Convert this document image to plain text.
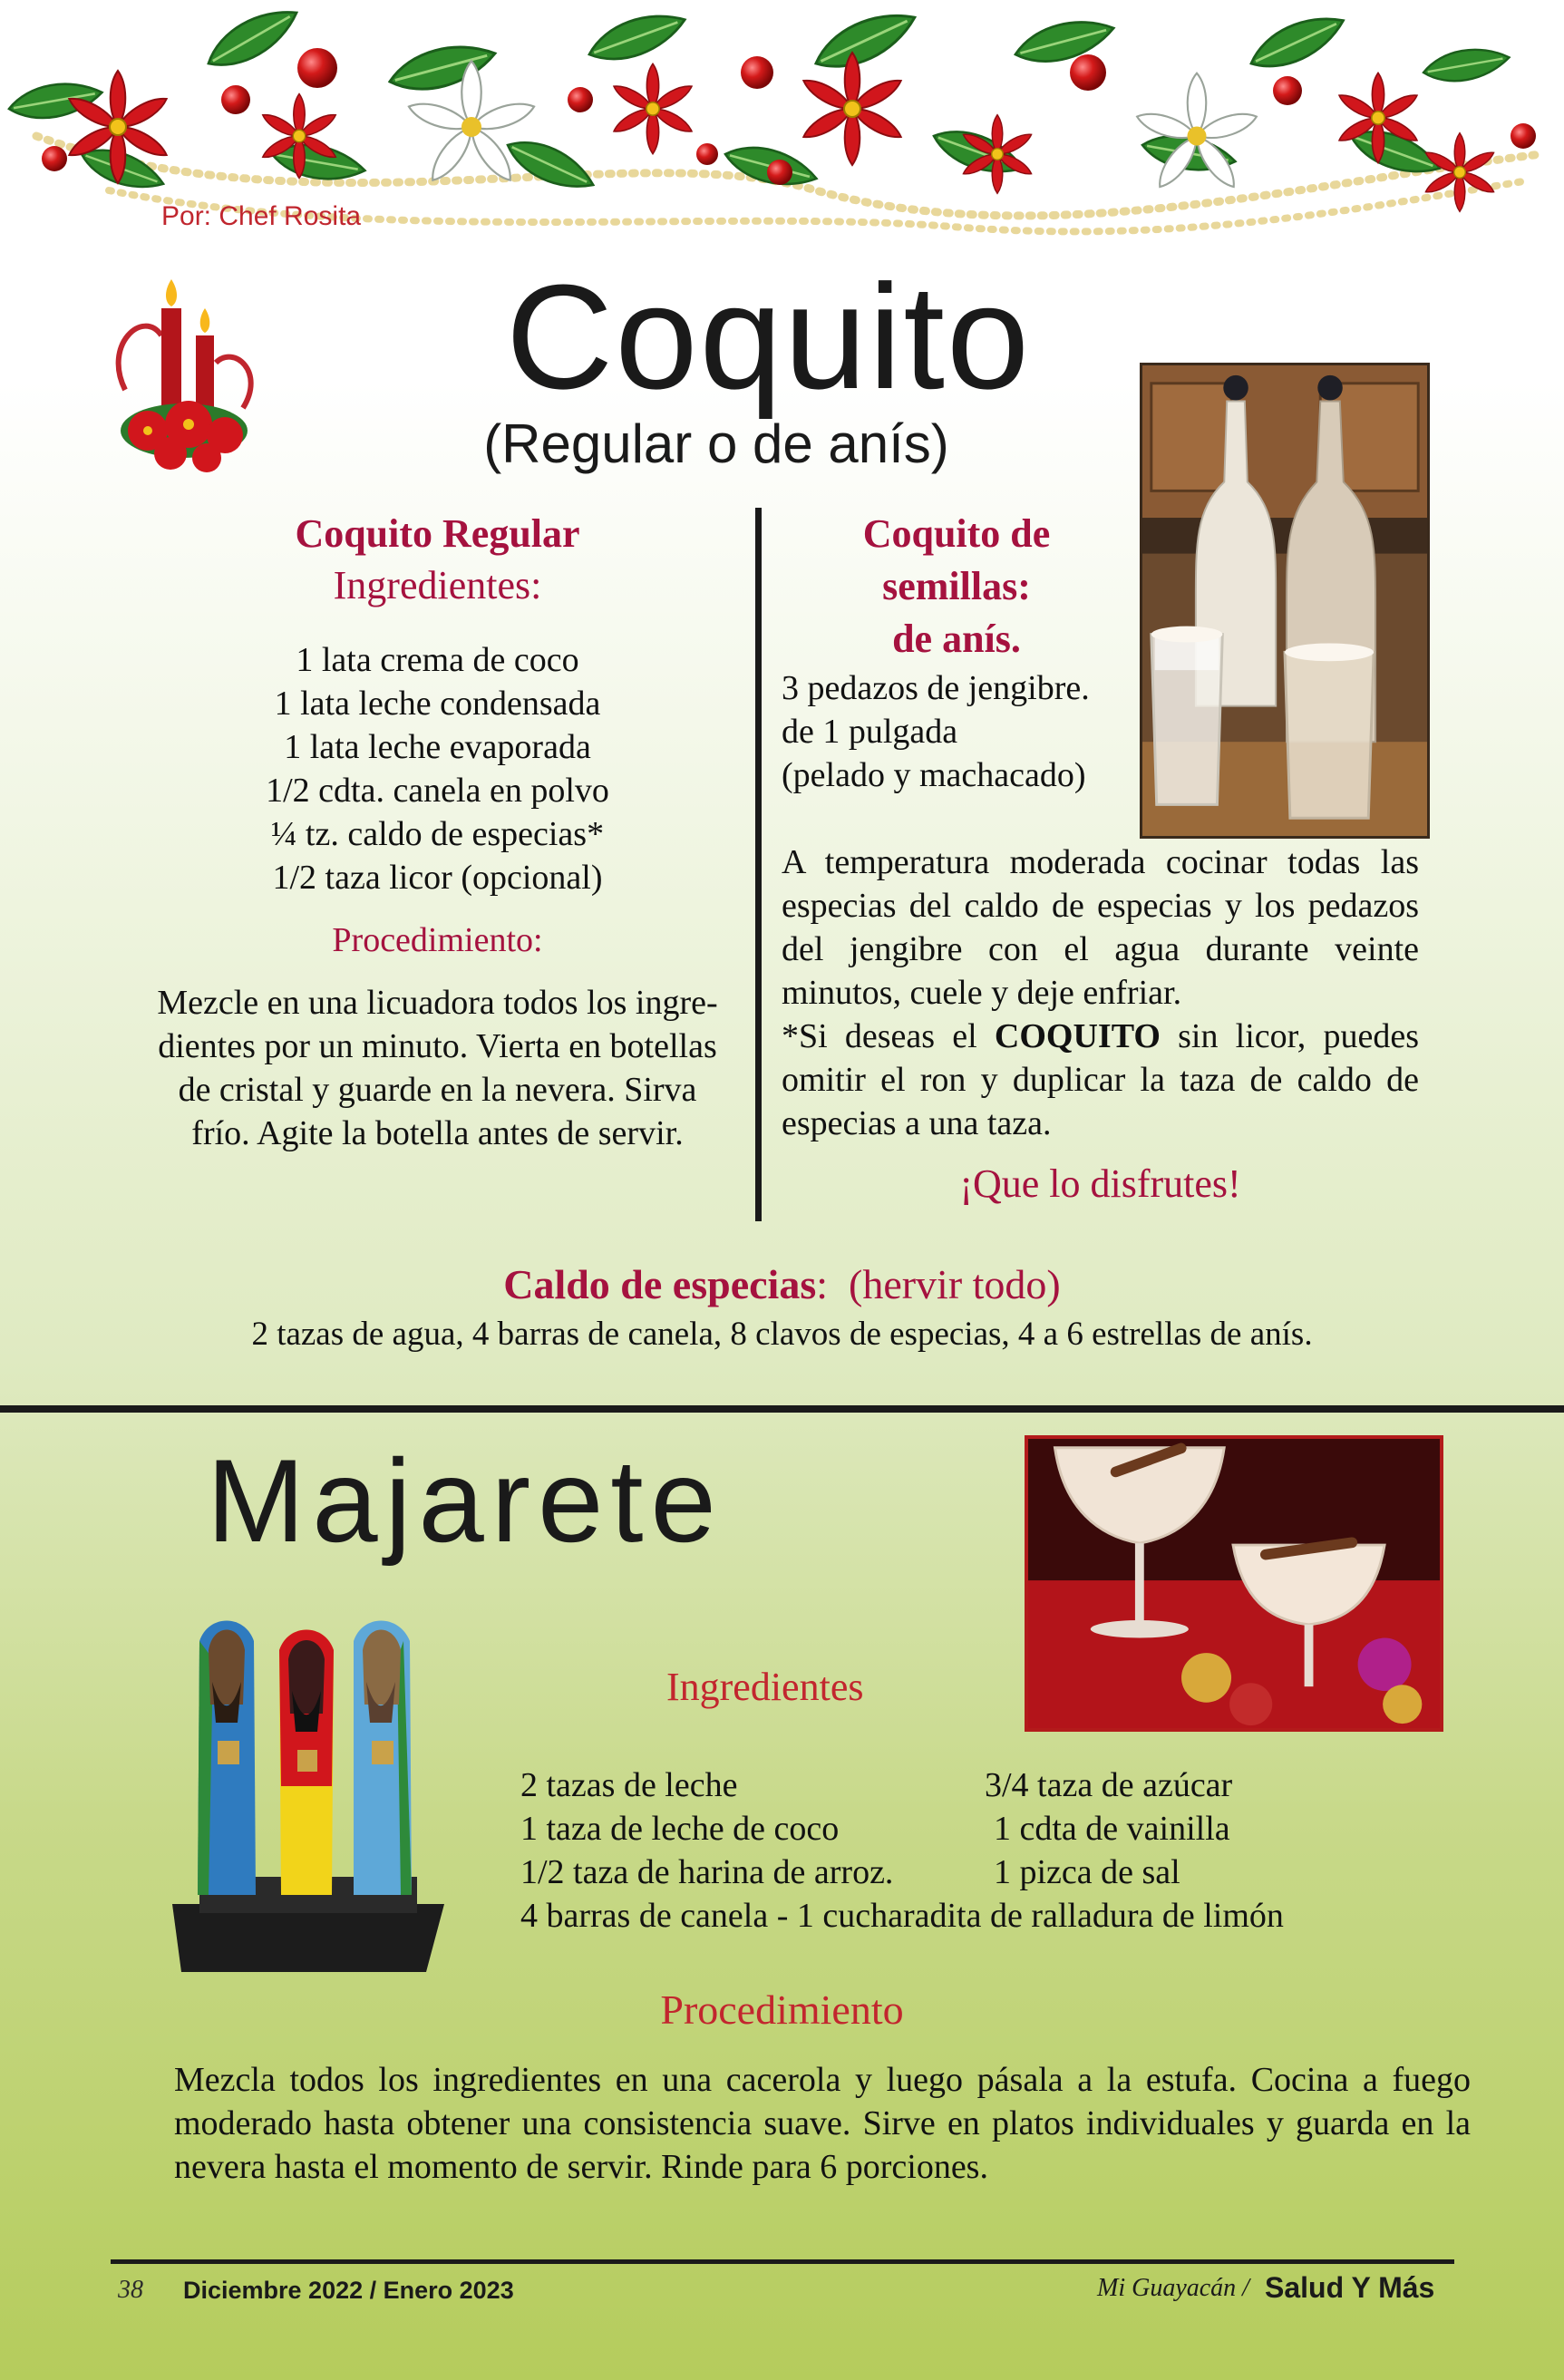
Por: Chef Rosita
Coquito
(Regular o de anís)
Coquito Regular
Ingredientes:
1 lata crema de coco
1 lata leche condensada
1 lata leche evaporada
1/2 cdta. canela en polvo
¼ tz. caldo de especias*
1/2 taza licor (opcional)
Procedimiento:
Mezcle en una licuadora todos los ingre-
dientes por un minuto. Vierta en botellas
de cristal y guarde en la nevera. Sirva
frío. Agite la botella antes de servir.
Coquito de
semillas:
de anís.
3 pedazos de jengibre.
de 1 pulgada
(pelado y machacado)

A temperatura moderada cocinar todas las especias del caldo de especias y los pedazos del jengibre con el agua durante veinte minutos, cuele y deje enfriar.

*Si deseas el COQUITO sin licor, puedes omitir el ron y duplicar la taza de caldo de especias a una taza.

¡Que lo disfrutes!
Caldo de especias:  (hervir todo)
2 tazas de agua, 4 barras de canela, 8 clavos de especias, 4 a 6 estrellas de anís.
Majarete
Ingredientes
2 tazas de leche	3/4 taza de azúcar
1 taza de leche de coco	1 cdta de vainilla
1/2 taza de harina de arroz.	1 pizca de sal
4 barras de canela - 1 cucharadita de ralladura de limón
Procedimiento
Mezcla todos los ingredientes en una cacerola y luego pásala a la estufa. Cocina a fuego moderado hasta obtener una consistencia suave. Sirve en platos individuales y guarda en la nevera hasta el momento de servir. Rinde para 6 porciones.
38 Diciembre 2022 / Enero 2023	Mi Guayacán / Salud Y Más
